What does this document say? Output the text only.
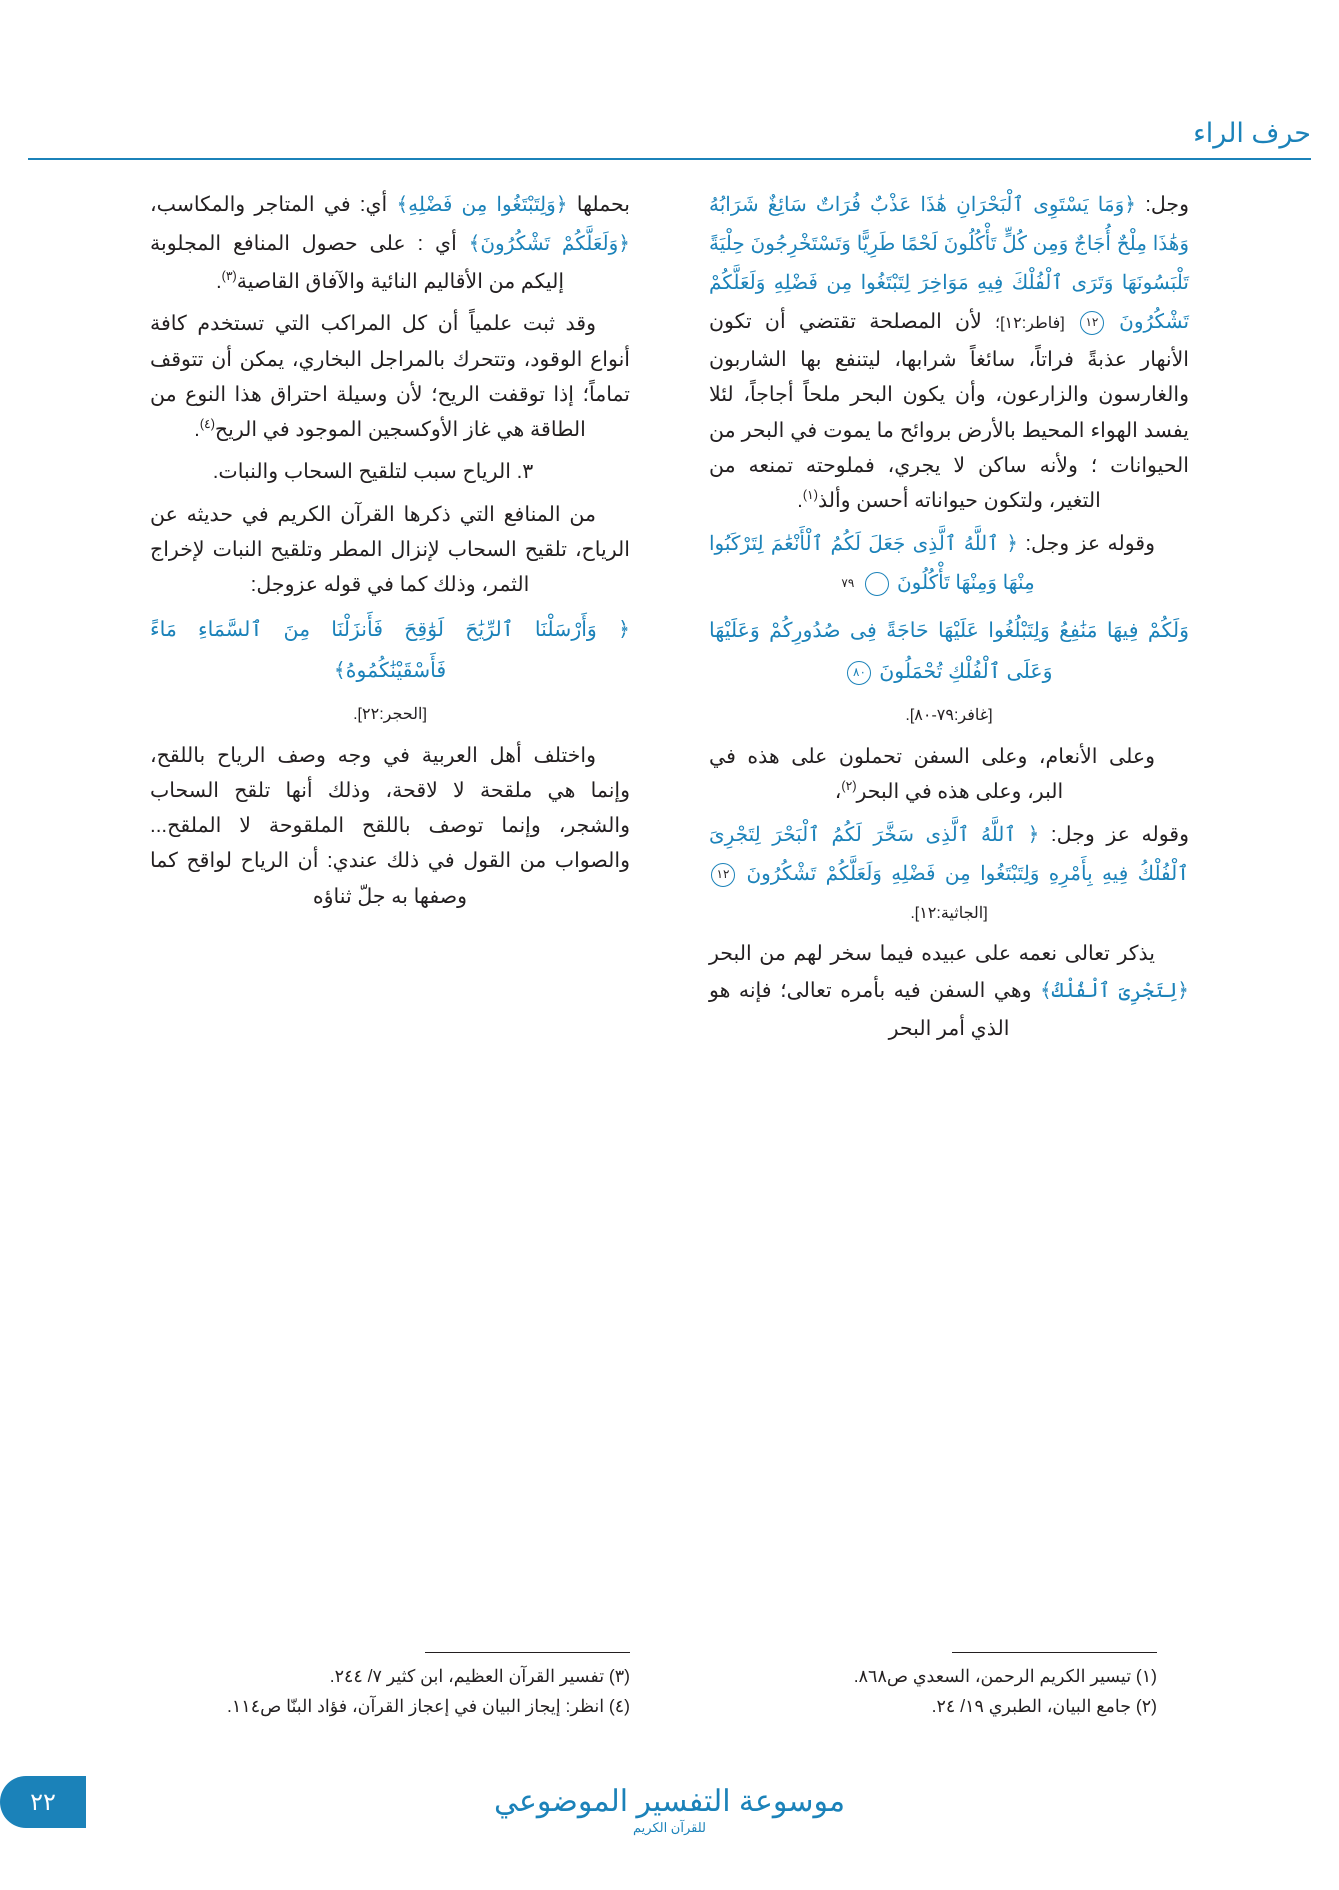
حرف الراء

وجل: ﴿وَمَا يَسْتَوِى ٱلْبَحْرَانِ هَٰذَا عَذْبٌ فُرَاتٌ سَائِغٌ شَرَابُهُ وَهَٰذَا مِلْحٌ أُجَاجٌ وَمِن كُلٍّ تَأْكُلُونَ لَحْمًا طَرِيًّا وَتَسْتَخْرِجُونَ حِلْيَةً تَلْبَسُونَهَا وَتَرَى ٱلْفُلْكَ فِيهِ مَوَاخِرَ لِتَبْتَغُوا مِن فَضْلِهِ وَلَعَلَّكُمْ تَشْكُرُونَ ١٢ [فاطر:١٢]؛ لأن المصلحة تقتضي أن تكون الأنهار عذبةً فراتاً، سائغاً شرابها، ليتنفع بها الشاربون والغارسون والزارعون، وأن يكون البحر ملحاً أجاجاً، لئلا يفسد الهواء المحيط بالأرض بروائح ما يموت في البحر من الحيوانات ؛ ولأنه ساكن لا يجري، فملوحته تمنعه من التغير، ولتكون حيواناته أحسن وألذ$^{(١)}$.

وقوله عز وجل: ﴿ ٱللَّهُ ٱلَّذِى جَعَلَ لَكُمُ ٱلْأَنْعَٰمَ لِتَرْكَبُوا مِنْهَا وَمِنْهَا تَأْكُلُونَ ٧٩

وَلَكُمْ فِيهَا مَنَٰفِعُ وَلِتَبْلُغُوا عَلَيْهَا حَاجَةً فِى صُدُورِكُمْ وَعَلَيْهَا وَعَلَى ٱلْفُلْكِ تُحْمَلُونَ ٨٠

[غافر:٧٩-٨٠].

وعلى الأنعام، وعلى السفن تحملون على هذه في البر، وعلى هذه في البحر$^{(٢)}$،

وقوله عز وجل: ﴿ ٱللَّهُ ٱلَّذِى سَخَّرَ لَكُمُ ٱلْبَحْرَ لِتَجْرِىَ ٱلْفُلْكُ فِيهِ بِأَمْرِهِ وَلِتَبْتَغُوا مِن فَضْلِهِ وَلَعَلَّكُمْ تَشْكُرُونَ ١٢ [الجاثية:١٢].

يذكر تعالى نعمه على عبيده فيما سخر لهم من البحر ﴿لِتَجْرِىَ ٱلْفُلْكُ﴾ وهي السفن فيه بأمره تعالى؛ فإنه هو الذي أمر البحر

بحملها ﴿وَلِتَبْتَغُوا مِن فَضْلِهِ﴾ أي: في المتاجر والمكاسب، ﴿وَلَعَلَّكُمْ تَشْكُرُونَ﴾ أي : على حصول المنافع المجلوبة إليكم من الأقاليم النائية والآفاق القاصية$^{(٣)}$.

وقد ثبت علمياً أن كل المراكب التي تستخدم كافة أنواع الوقود، وتتحرك بالمراجل البخاري، يمكن أن تتوقف تماماً؛ إذا توقفت الريح؛ لأن وسيلة احتراق هذا النوع من الطاقة هي غاز الأوكسجين الموجود في الريح$^{(٤)}$.

٣. الرياح سبب لتلقيح السحاب والنبات.

من المنافع التي ذكرها القرآن الكريم في حديثه عن الرياح، تلقيح السحاب لإنزال المطر وتلقيح النبات لإخراج الثمر، وذلك كما في قوله عزوجل:

﴿ وَأَرْسَلْنَا ٱلرِّيَٰحَ لَوَٰقِحَ فَأَنزَلْنَا مِنَ ٱلسَّمَاءِ مَاءً فَأَسْقَيْنَٰكُمُوهُ﴾

[الحجر:٢٢].

واختلف أهل العربية في وجه وصف الرياح باللقح، وإنما هي ملقحة لا لاقحة، وذلك أنها تلقح السحاب والشجر، وإنما توصف باللقح الملقوحة لا الملقح... والصواب من القول في ذلك عندي: أن الرياح لواقح كما وصفها به جلّ ثناؤه

(١) تيسير الكريم الرحمن، السعدي ص٨٦٨.
(٢) جامع البيان، الطبري ١٩/ ٢٤.
(٣) تفسير القرآن العظيم، ابن كثير ٧/ ٢٤٤.
(٤) انظر: إيجاز البيان في إعجاز القرآن، فؤاد البنّا ص١١٤.
موسوعة التفسير الموضوعي
للقرآن الكريم
٢٢
